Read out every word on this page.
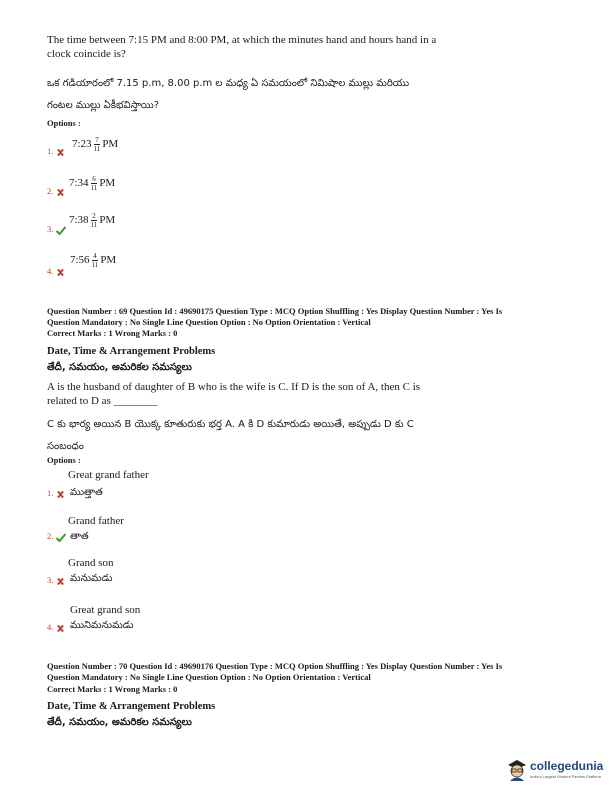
The time between 7:15 PM and 8:00 PM, at which the minutes hand and hours hand in a
clock coincide is?
ఒక గడియారంలో 7.15 p.m, 8.00 p.m ల మధ్య ఏ సమయంలో నిమిషాల ముల్లు మరియు
గంటల ముల్లు ఏకీభవిస్తాయి?
Options :
1.
7:23 $\frac{7}{11}$ PM
2.
7:34 $\frac{6}{11}$ PM
3.
7:38 $\frac{2}{11}$ PM
4.
7:56 $\frac{4}{11}$ PM
Question Number : 69 Question Id : 49690175 Question Type : MCQ Option Shuffling : Yes Display Question Number : Yes Is
Question Mandatory : No Single Line Question Option : No Option Orientation : Vertical
Correct Marks : 1 Wrong Marks : 0
Date, Time & Arrangement Problems
తేదీ, సమయం, అమరికల సమస్యలు
A is the husband of daughter of B who is the wife is C. If D is the son of A, then C is
related to D as ________
C కు భార్య అయిన B యొక్క కూతురుకు భర్త A. A కి D కుమారుడు అయితే, అప్పుడు D కు C
సంబంధం
Options :
Great grand father
1.	ముత్తాత
Grand father
2.	తాత
Grand son
3.	మనుమడు
Great grand son
4.	మునిమనుమడు
Question Number : 70 Question Id : 49690176 Question Type : MCQ Option Shuffling : Yes Display Question Number : Yes Is
Question Mandatory : No Single Line Question Option : No Option Orientation : Vertical
Correct Marks : 1 Wrong Marks : 0
Date, Time & Arrangement Problems
తేదీ, సమయం, అమరికల సమస్యలు
collegedunia
India's Largest Student Review Platform
